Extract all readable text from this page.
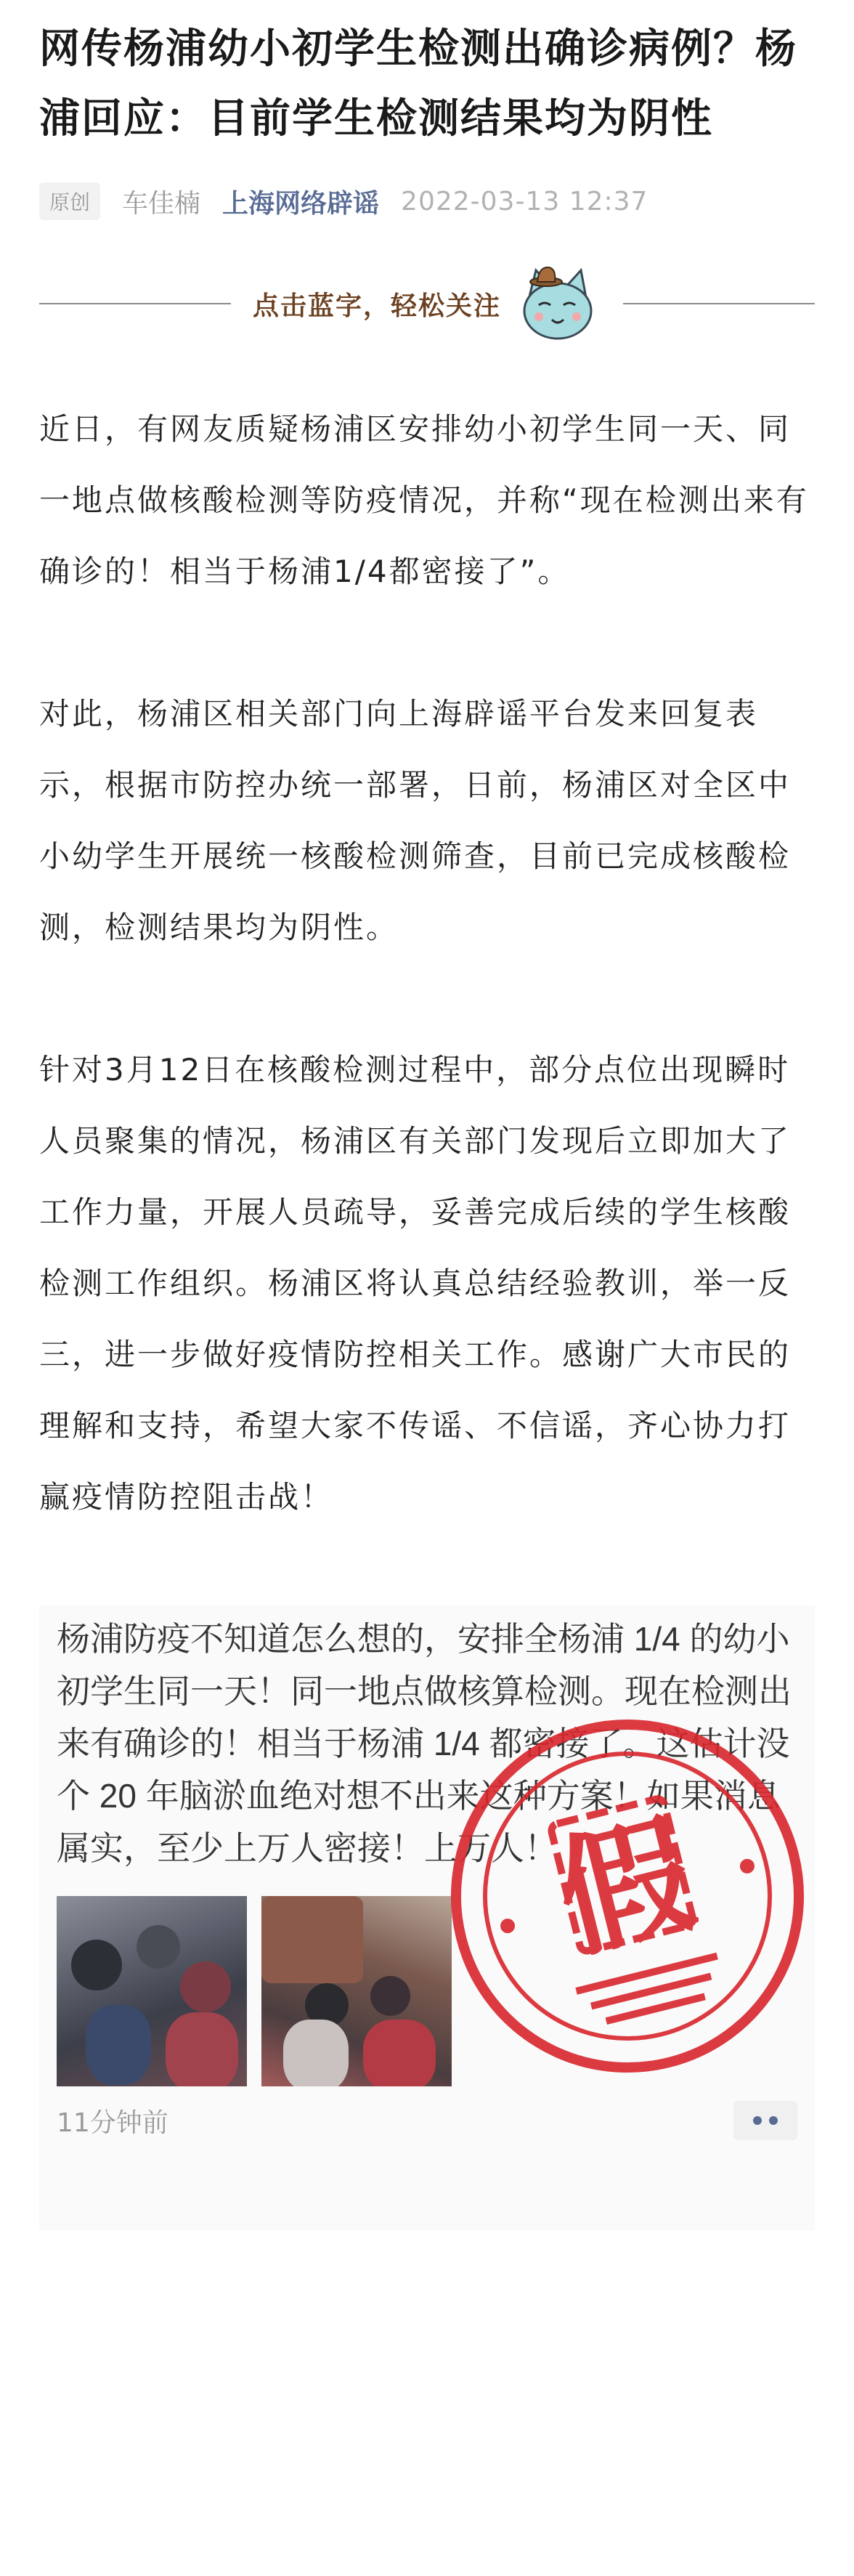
网传杨浦幼小初学生检测出确诊病例？杨浦回应：目前学生检测结果均为阴性
原创	车佳楠 上海网络辟谣 2022-03-13 12:37
点击蓝字，轻松关注

近日，有网友质疑杨浦区安排幼小初学生同一天、同一地点做核酸检测等防疫情况，并称“现在检测出来有确诊的！相当于杨浦1/4都密接了”。

对此，杨浦区相关部门向上海辟谣平台发来回复表示，根据市防控办统一部署，日前，杨浦区对全区中小幼学生开展统一核酸检测筛查，目前已完成核酸检测，检测结果均为阴性。

针对3月12日在核酸检测过程中，部分点位出现瞬时人员聚集的情况，杨浦区有关部门发现后立即加大了工作力量，开展人员疏导，妥善完成后续的学生核酸检测工作组织。杨浦区将认真总结经验教训，举一反三，进一步做好疫情防控相关工作。感谢广大市民的理解和支持，希望大家不传谣、不信谣，齐心协力打赢疫情防控阻击战！

杨浦防疫不知道怎么想的，安排全杨浦 1/4 的幼小初学生同一天！同一地点做核算检测。现在检测出来有确诊的！相当于杨浦 1/4 都密接了。这估计没个 20 年脑淤血绝对想不出来这种方案！如果消息属实，至少上万人密接！上万人！

11分钟前
假
